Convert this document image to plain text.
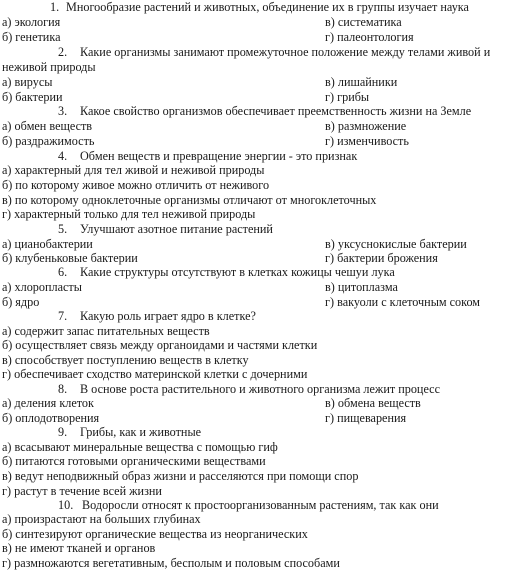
1. Многообразие растений и животных, объединение их в группы изучает наука
а) экология	в) систематика
б) генетика	г) палеонтология
2. Какие организмы занимают промежуточное положение между телами живой и
неживой природы
а) вирусы	в) лишайники
б) бактерии	г) грибы
3. Какое свойство организмов обеспечивает преемственность жизни на Земле
а) обмен веществ	в) размножение
б) раздражимость	г) изменчивость
4. Обмен веществ и превращение энергии - это признак
а) характерный для тел живой и неживой природы
б) по которому живое можно отличить от неживого
в) по которому одноклеточные организмы отличают от многоклеточных
г) характерный только для тел неживой природы
5. Улучшают азотное питание растений
а) цианобактерии	в) уксуснокислые бактерии
б) клубеньковые бактерии	г) бактерии брожения
6. Какие структуры отсутствуют в клетках кожицы чешуи лука
а) хлоропласты	в) цитоплазма
б) ядро	г) вакуоли с клеточным соком
7. Какую роль играет ядро в клетке?
а) содержит запас питательных веществ
б) осуществляет связь между органоидами и частями клетки
в) способствует поступлению веществ в клетку
г) обеспечивает сходство материнской клетки с дочерними
8. В основе роста растительного и животного организма лежит процесс
а) деления клеток	в) обмена веществ
б) оплодотворения	г) пищеварения
9. Грибы, как и животные
а) всасывают минеральные вещества с помощью гиф
б) питаются готовыми органическими веществами
в) ведут неподвижный образ жизни и расселяются при помощи спор
г) растут в течение всей жизни
10. Водоросли относят к простоорганизованным растениям, так как они
а) произрастают на больших глубинах
б) синтезируют органические вещества из неорганических
в) не имеют тканей и органов
г) размножаются вегетативным, бесполым и половым способами
